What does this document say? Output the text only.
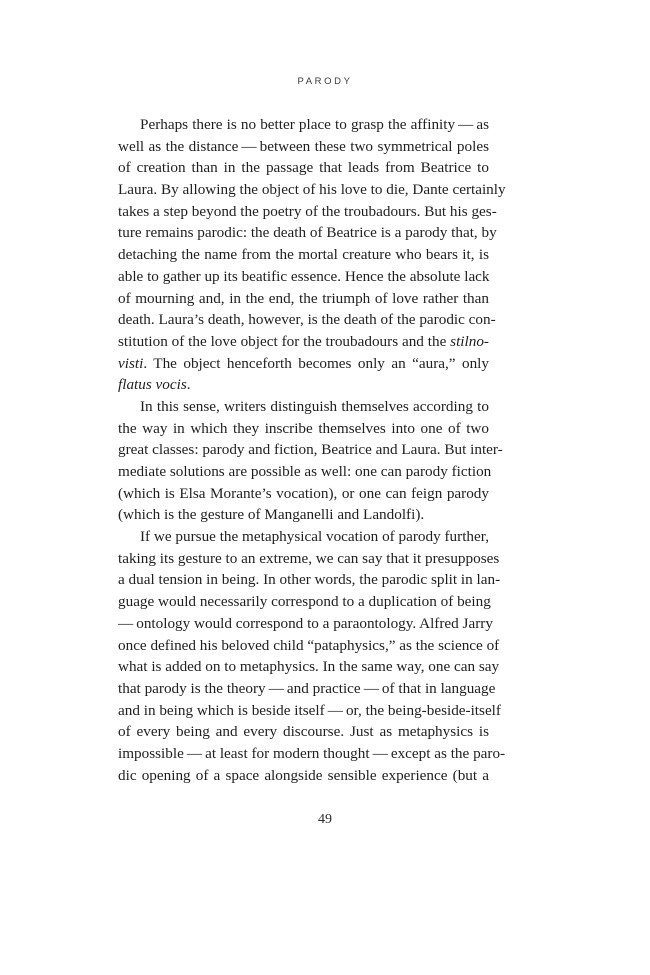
PARODY
Perhaps there is no better place to grasp the affinity — as
well as the distance — between these two symmetrical poles
of creation than in the passage that leads from Beatrice to
Laura. By allowing the object of his love to die, Dante certainly
takes a step beyond the poetry of the troubadours. But his ges-
ture remains parodic: the death of Beatrice is a parody that, by
detaching the name from the mortal creature who bears it, is
able to gather up its beatific essence. Hence the absolute lack
of mourning and, in the end, the triumph of love rather than
death. Laura’s death, however, is the death of the parodic con-
stitution of the love object for the troubadours and the stilno-
visti. The object henceforth becomes only an “aura,” only
flatus vocis.
In this sense, writers distinguish themselves according to
the way in which they inscribe themselves into one of two
great classes: parody and fiction, Beatrice and Laura. But inter-
mediate solutions are possible as well: one can parody fiction
(which is Elsa Morante’s vocation), or one can feign parody
(which is the gesture of Manganelli and Landolfi).
If we pursue the metaphysical vocation of parody further,
taking its gesture to an extreme, we can say that it presupposes
a dual tension in being. In other words, the parodic split in lan-
guage would necessarily correspond to a duplication of being
— ontology would correspond to a paraontology. Alfred Jarry
once defined his beloved child “pataphysics,” as the science of
what is added on to metaphysics. In the same way, one can say
that parody is the theory — and practice — of that in language
and in being which is beside itself — or, the being-beside-itself
of every being and every discourse. Just as metaphysics is
impossible — at least for modern thought — except as the paro-
dic opening of a space alongside sensible experience (but a
49
